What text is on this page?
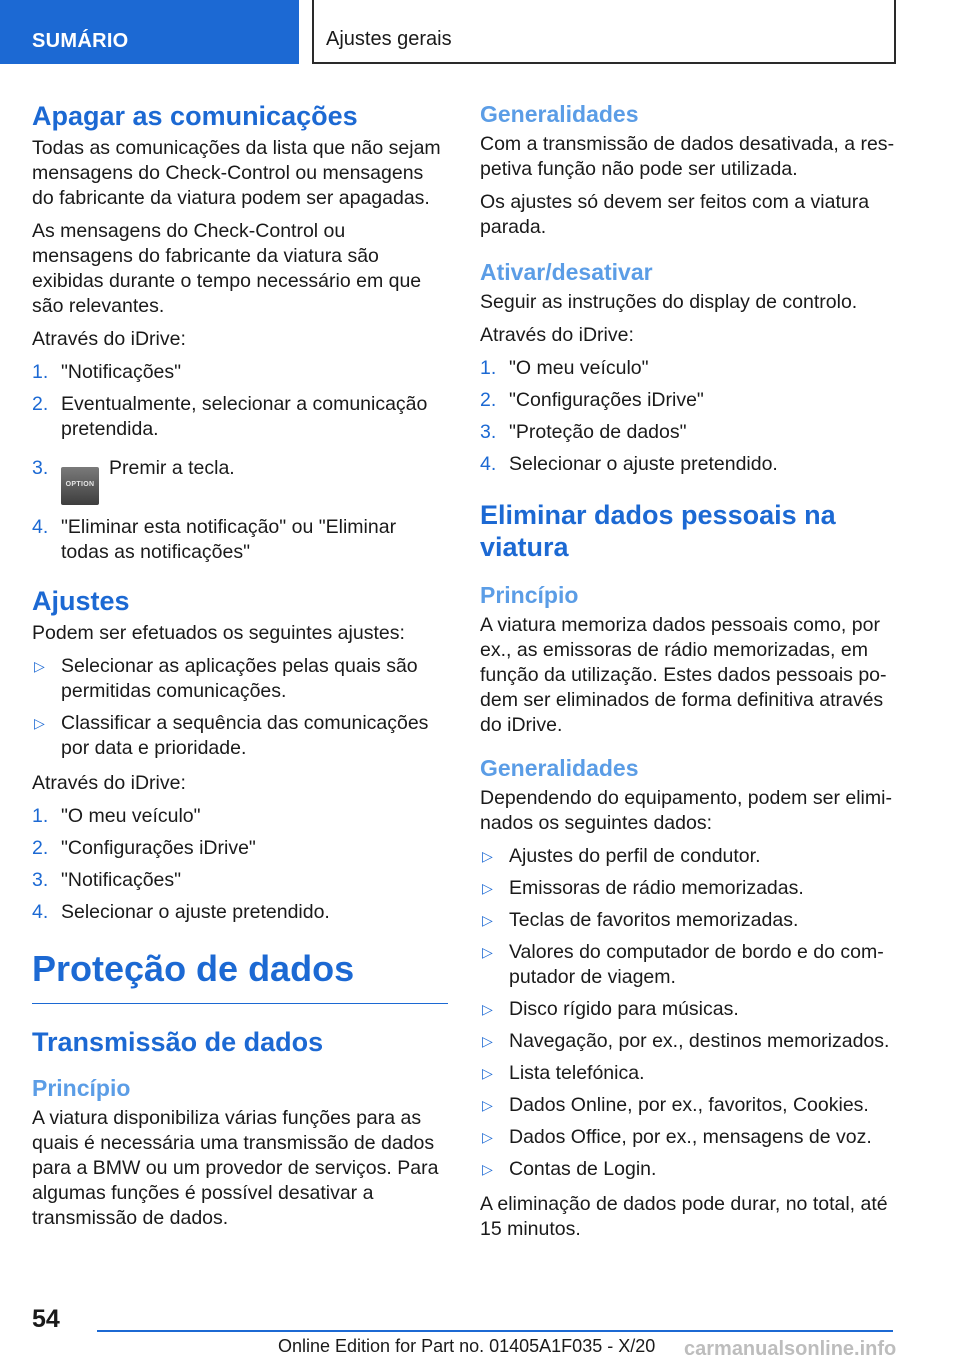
SUMÁRIO	Ajustes gerais
Apagar as comunicações

Todas as comunicações da lista que não sejam mensagens do Check-Control ou mensagens do fabricante da viatura podem ser apagadas.

As mensagens do Check-Control ou mensagens do fabricante da viatura são exibidas durante o tempo necessário em que são relevantes.

Através do iDrive:

1. "Notificações"
2. Eventualmente, selecionar a comunicação pretendida.
3.
OPTIONPremir a tecla.
4. "Eliminar esta notificação" ou "Eliminar todas as notificações"
Ajustes

Podem ser efetuados os seguintes ajustes:

▷ Selecionar as aplicações pelas quais são permitidas comunicações.
▷ Classificar a sequência das comunicações por data e prioridade.

Através do iDrive:

1. "O meu veículo"
2. "Configurações iDrive"
3. "Notificações"
4. Selecionar o ajuste pretendido.
Proteção de dados
Transmissão de dados
Princípio

A viatura disponibiliza várias funções para as quais é necessária uma transmissão de dados para a BMW ou um provedor de serviços. Para algumas funções é possível desativar a transmissão de dados.

Generalidades

Com a transmissão de dados desativada, a respetiva função não pode ser utilizada.

Os ajustes só devem ser feitos com a viatura parada.

Ativar/desativar

Seguir as instruções do display de controlo.

Através do iDrive:

1. "O meu veículo"
2. "Configurações iDrive"
3. "Proteção de dados"
4. Selecionar o ajuste pretendido.
Eliminar dados pessoais na viatura
Princípio

A viatura memoriza dados pessoais como, por ex., as emissoras de rádio memorizadas, em função da utilização. Estes dados pessoais podem ser eliminados de forma definitiva através do iDrive.

Generalidades

Dependendo do equipamento, podem ser eliminados os seguintes dados:

▷ Ajustes do perfil de condutor.
▷ Emissoras de rádio memorizadas.
▷ Teclas de favoritos memorizadas.
▷ Valores do computador de bordo e do computador de viagem.
▷ Disco rígido para músicas.
▷ Navegação, por ex., destinos memorizados.
▷ Lista telefónica.
▷ Dados Online, por ex., favoritos, Cookies.
▷ Dados Office, por ex., mensagens de voz.
▷ Contas de Login.

A eliminação de dados pode durar, no total, até 15 minutos.

54
Online Edition for Part no. 01405A1F035 - X/20 carmanualsonline.info
